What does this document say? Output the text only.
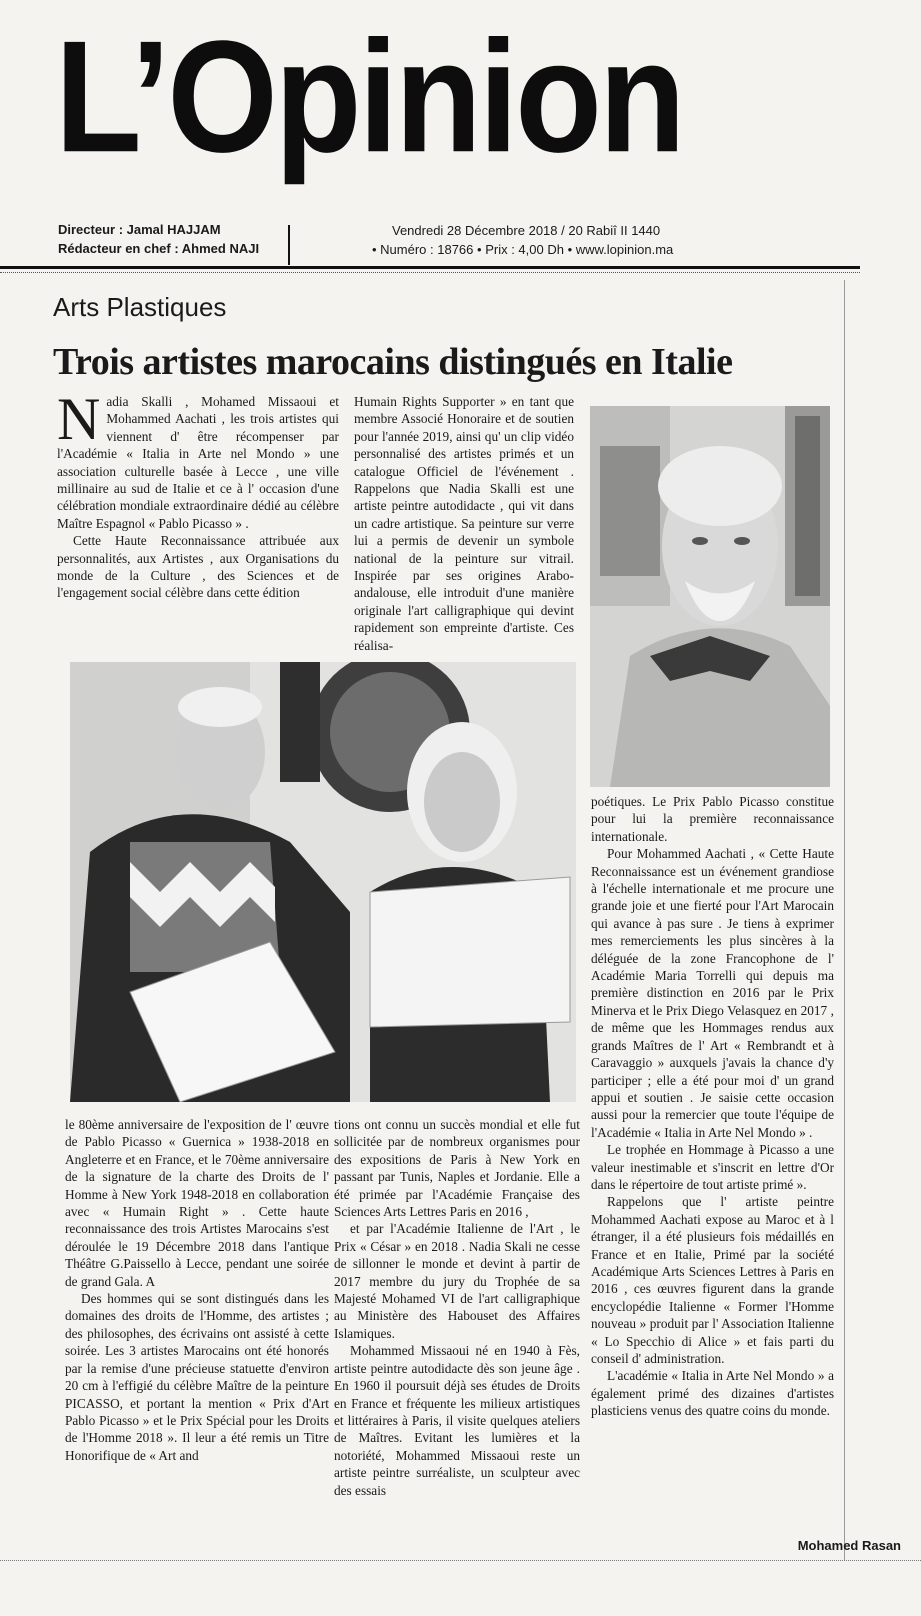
L’Opinion
Directeur : Jamal HAJJAM
Rédacteur en chef : Ahmed NAJI
Vendredi 28 Décembre 2018 / 20 Rabiî II 1440
• Numéro : 18766 • Prix : 4,00 Dh • www.lopinion.ma
Arts Plastiques
Trois artistes marocains distingués en Italie

Nadia Skalli , Mohamed Missaoui et Mohammed Aachati , les trois artistes qui viennent d' être récompenser par l'Académie « Italia in Arte nel Mondo » une association culturelle basée à Lecce , une ville millinaire au sud de Italie et ce à l' occasion d'une célébration mondiale extraordinaire dédié au célèbre Maître Espagnol « Pablo Picasso » .

Cette Haute Reconnaissance attribuée aux personnalités, aux Artistes , aux Organisations du monde de la Culture , des Sciences et de l'engagement social célèbre dans cette édition

Humain Rights Supporter » en tant que membre Associé Honoraire et de soutien pour l'année 2019, ainsi qu' un clip vidéo personnalisé des artistes primés et un catalogue Officiel de l'événement . Rappelons que Nadia Skalli est une artiste peintre autodidacte , qui vit dans un cadre artistique. Sa peinture sur verre lui a permis de devenir un symbole national de la peinture sur vitrail. Inspirée par ses origines Arabo-andalouse, elle introduit d'une manière originale l'art calligraphique qui devint rapidement son empreinte d'artiste. Ces réalisa-

poétiques. Le Prix Pablo Picasso constitue pour lui la première reconnaissance internationale.

Pour Mohammed Aachati , « Cette Haute Reconnaissance est un événement grandiose à l'échelle internationale et me procure une grande joie et une fierté pour l'Art Marocain qui avance à pas sure . Je tiens à exprimer mes remerciements les plus sincères à la déléguée de la zone Francophone de l' Académie Maria Torrelli qui depuis ma première distinction en 2016 par le Prix Minerva et le Prix Diego Velasquez en 2017 , de même que les Hommages rendus aux grands Maîtres de l' Art « Rembrandt et à Caravaggio » auxquels j'avais la chance d'y participer ; elle a été pour moi d' un grand appui et soutien . Je saisie cette occasion aussi pour la remercier que toute l'équipe de l'Académie « Italia in Arte Nel Mondo » .

Le trophée en Hommage à Picasso a une valeur inestimable et s'inscrit en lettre d'Or dans le répertoire de tout artiste primé ».

Rappelons que l' artiste peintre Mohammed Aachati expose au Maroc et à l étranger, il a été plusieurs fois médaillés en France et en Italie, Primé par la société Académique Arts Sciences Lettres à Paris en 2016 , ces œuvres figurent dans la grande encyclopédie Italienne « Former l'Homme nouveau » produit par l' Association Italienne « Lo Specchio di Alice » et fais parti du conseil d' administration.

L'académie « Italia in Arte Nel Mondo » a également primé des dizaines d'artistes plasticiens venus des quatre coins du monde.

le 80ème anniversaire de l'exposition de l' œuvre de Pablo Picasso « Guernica » 1938-2018 en Angleterre et en France, et le 70ème anniversaire de la signature de la charte des Droits de l' Homme à New York 1948-2018 en collaboration avec « Humain Right » . Cette haute reconnaissance des trois Artistes Marocains s'est déroulée le 19 Décembre 2018 dans l'antique Théâtre G.Paissello à Lecce, pendant une soirée de grand Gala. A

Des hommes qui se sont distingués dans les domaines des droits de l'Homme, des artistes ; des philosophes, des écrivains ont assisté à cette soirée. Les 3 artistes Marocains ont été honorés par la remise d'une précieuse statuette d'environ 20 cm à l'effigié du célèbre Maître de la peinture PICASSO, et portant la mention « Prix d'Art Pablo Picasso » et le Prix Spécial pour les Droits de l'Homme 2018 ». Il leur a été remis un Titre Honorifique de « Art and

tions ont connu un succès mondial et elle fut sollicitée par de nombreux organismes pour des expositions de Paris à New York en passant par Tunis, Naples et Jordanie. Elle a été primée par l'Académie Française des Sciences Arts Lettres Paris en 2016 ,

et par l'Académie Italienne de l'Art , le Prix « César » en 2018 . Nadia Skali ne cesse de sillonner le monde et devint à partir de 2017 membre du jury du Trophée de sa Majesté Mohamed VI de l'art calligraphique au Ministère des Habouset des Affaires Islamiques.

Mohammed Missaoui né en 1940 à Fès, artiste peintre autodidacte dès son jeune âge . En 1960 il poursuit déjà ses études de Droits en France et fréquente les milieux artistiques et littéraires à Paris, il visite quelques ateliers de Maîtres. Evitant les lumières et la notoriété, Mohammed Missaoui reste un artiste peintre surréaliste, un sculpteur avec des essais

Mohamed Rasan
